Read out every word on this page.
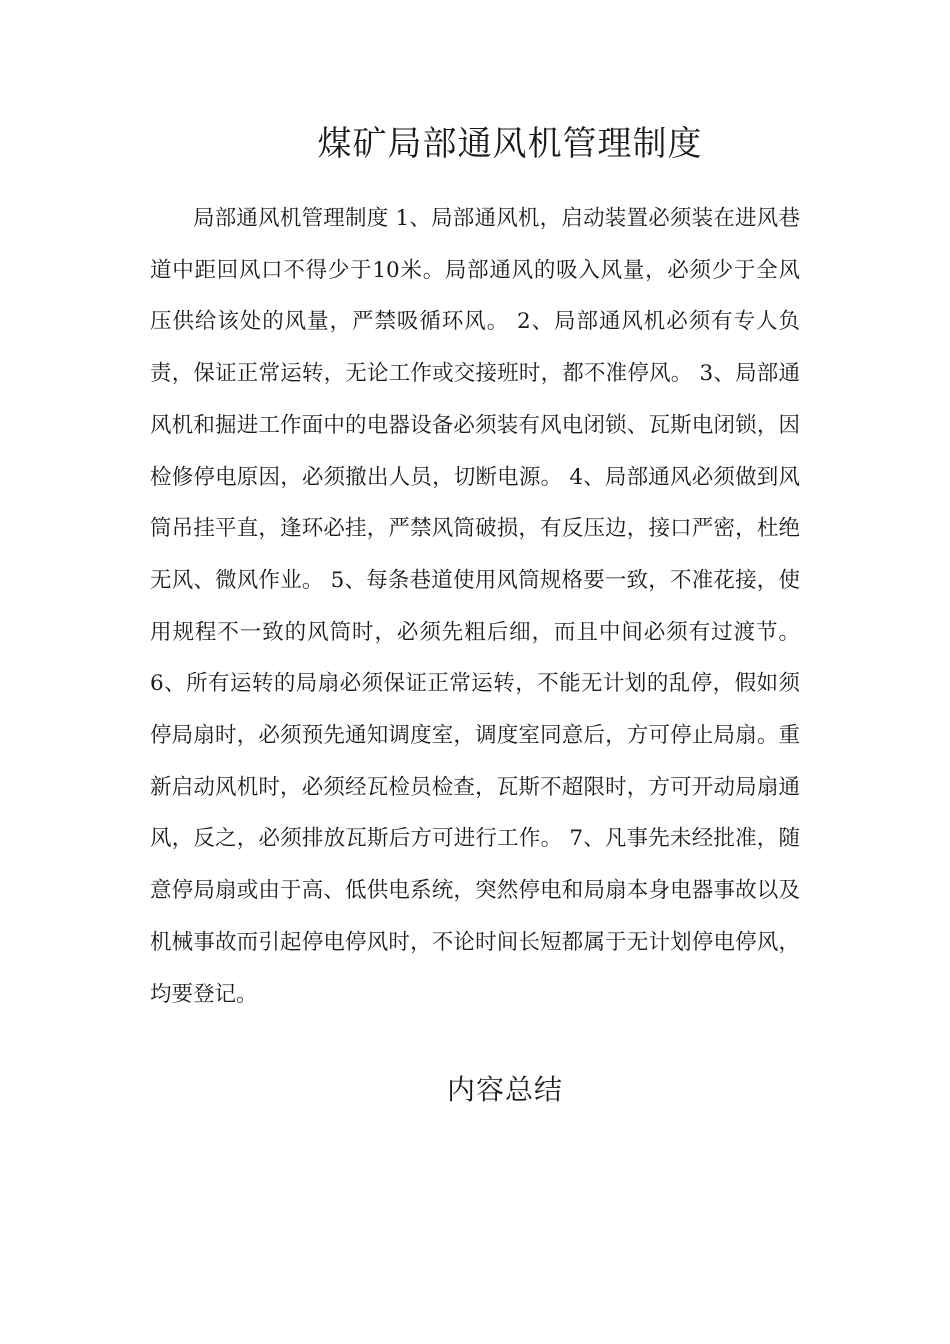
煤矿局部通风机管理制度

局部通风机管理制度 1、局部通风机，启动装置必须装在进风巷道中距回风口不得少于10米。局部通风的吸入风量，必须少于全风压供给该处的风量，严禁吸循环风。 2、局部通风机必须有专人负责，保证正常运转，无论工作或交接班时，都不准停风。 3、局部通风机和掘进工作面中的电器设备必须装有风电闭锁、瓦斯电闭锁，因检修停电原因，必须撤出人员，切断电源。 4、局部通风必须做到风筒吊挂平直，逢环必挂，严禁风筒破损，有反压边，接口严密，杜绝无风、微风作业。 5、每条巷道使用风筒规格要一致，不准花接，使用规程不一致的风筒时，必须先粗后细，而且中间必须有过渡节。 6、所有运转的局扇必须保证正常运转，不能无计划的乱停，假如须停局扇时，必须预先通知调度室，调度室同意后，方可停止局扇。重新启动风机时，必须经瓦检员检查，瓦斯不超限时，方可开动局扇通风，反之，必须排放瓦斯后方可进行工作。 7、凡事先未经批准，随意停局扇或由于高、低供电系统，突然停电和局扇本身电器事故以及机械事故而引起停电停风时，不论时间长短都属于无计划停电停风，均要登记。

内容总结
